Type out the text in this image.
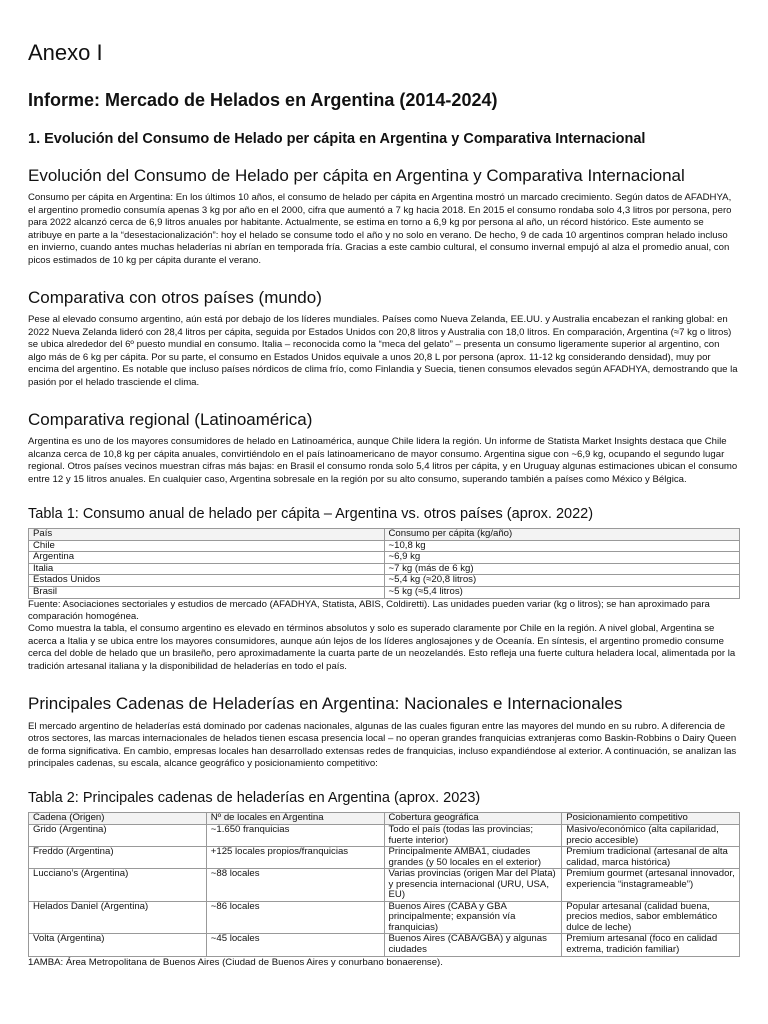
Anexo I
Informe: Mercado de Helados en Argentina (2014-2024)
1. Evolución del Consumo de Helado per cápita en Argentina y Comparativa Internacional
Evolución del Consumo de Helado per cápita en Argentina y Comparativa Internacional

Consumo per cápita en Argentina: En los últimos 10 años, el consumo de helado per cápita en Argentina mostró un marcado crecimiento. Según datos de AFADHYA, el argentino promedio consumía apenas 3 kg por año en el 2000, cifra que aumentó a 7 kg hacia 2018. En 2015 el consumo rondaba solo 4,3 litros por persona, pero para 2022 alcanzó cerca de 6,9 litros anuales por habitante. Actualmente, se estima en torno a 6,9 kg por persona al año, un récord histórico. Este aumento se atribuye en parte a la “desestacionalización”: hoy el helado se consume todo el año y no solo en verano. De hecho, 9 de cada 10 argentinos compran helado incluso en invierno, cuando antes muchas heladerías ni abrían en temporada fría. Gracias a este cambio cultural, el consumo invernal empujó al alza el promedio anual, con picos estimados de 10 kg per cápita durante el verano.

Comparativa con otros países (mundo)

Pese al elevado consumo argentino, aún está por debajo de los líderes mundiales. Países como Nueva Zelanda, EE.UU. y Australia encabezan el ranking global: en 2022 Nueva Zelanda lideró con 28,4 litros per cápita, seguida por Estados Unidos con 20,8 litros y Australia con 18,0 litros. En comparación, Argentina (≈7 kg o litros) se ubica alrededor del 6º puesto mundial en consumo. Italia – reconocida como la “meca del gelato” – presenta un consumo ligeramente superior al argentino, con algo más de 6 kg per cápita. Por su parte, el consumo en Estados Unidos equivale a unos 20,8 L por persona (aprox. 11-12 kg considerando densidad), muy por encima del argentino. Es notable que incluso países nórdicos de clima frío, como Finlandia y Suecia, tienen consumos elevados según AFADHYA, demostrando que la pasión por el helado trasciende el clima.

Comparativa regional (Latinoamérica)

Argentina es uno de los mayores consumidores de helado en Latinoamérica, aunque Chile lidera la región. Un informe de Statista Market Insights destaca que Chile alcanza cerca de 10,8 kg per cápita anuales, convirtiéndolo en el país latinoamericano de mayor consumo. Argentina sigue con ~6,9 kg, ocupando el segundo lugar regional. Otros países vecinos muestran cifras más bajas: en Brasil el consumo ronda solo 5,4 litros per cápita, y en Uruguay algunas estimaciones ubican el consumo entre 12 y 15 litros anuales. En cualquier caso, Argentina sobresale en la región por su alto consumo, superando también a países como México y Bélgica.

Tabla 1: Consumo anual de helado per cápita – Argentina vs. otros países (aprox. 2022)
País	Consumo per cápita (kg/año)
Chile	~10,8 kg
Argentina	~6,9 kg
Italia	~7 kg (más de 6 kg)
Estados Unidos	~5,4 kg (≈20,8 litros)
Brasil	~5 kg (≈5,4 litros)

Fuente: Asociaciones sectoriales y estudios de mercado (AFADHYA, Statista, ABIS, Coldiretti). Las unidades pueden variar (kg o litros); se han aproximado para comparación homogénea.

Como muestra la tabla, el consumo argentino es elevado en términos absolutos y solo es superado claramente por Chile en la región. A nivel global, Argentina se acerca a Italia y se ubica entre los mayores consumidores, aunque aún lejos de los líderes anglosajones y de Oceanía. En síntesis, el argentino promedio consume cerca del doble de helado que un brasileño, pero aproximadamente la cuarta parte de un neozelandés. Esto refleja una fuerte cultura heladera local, alimentada por la tradición artesanal italiana y la disponibilidad de heladerías en todo el país.

Principales Cadenas de Heladerías en Argentina: Nacionales e Internacionales

El mercado argentino de heladerías está dominado por cadenas nacionales, algunas de las cuales figuran entre las mayores del mundo en su rubro. A diferencia de otros sectores, las marcas internacionales de helados tienen escasa presencia local – no operan grandes franquicias extranjeras como Baskin-Robbins o Dairy Queen de forma significativa. En cambio, empresas locales han desarrollado extensas redes de franquicias, incluso expandiéndose al exterior. A continuación, se analizan las principales cadenas, su escala, alcance geográfico y posicionamiento competitivo:

Tabla 2: Principales cadenas de heladerías en Argentina (aprox. 2023)
Cadena (Origen)	Nº de locales en Argentina	Cobertura geográfica	Posicionamiento competitivo
Grido (Argentina)	~1.650 franquicias	Todo el país (todas las provincias; fuerte interior)	Masivo/económico (alta capilaridad, precio accesible)
Freddo (Argentina)	+125 locales propios/franquicias	Principalmente AMBA1, ciudades grandes (y 50 locales en el exterior)	Premium tradicional (artesanal de alta calidad, marca histórica)
Lucciano’s (Argentina)	~88 locales	Varias provincias (origen Mar del Plata) y presencia internacional (URU, USA, EU)	Premium gourmet (artesanal innovador, experiencia “instagrameable”)
Helados Daniel (Argentina)	~86 locales	Buenos Aires (CABA y GBA principalmente; expansión vía franquicias)	Popular artesanal (calidad buena, precios medios, sabor emblemático dulce de leche)
Volta (Argentina)	~45 locales	Buenos Aires (CABA/GBA) y algunas ciudades	Premium artesanal (foco en calidad extrema, tradición familiar)

1AMBA: Área Metropolitana de Buenos Aires (Ciudad de Buenos Aires y conurbano bonaerense).
